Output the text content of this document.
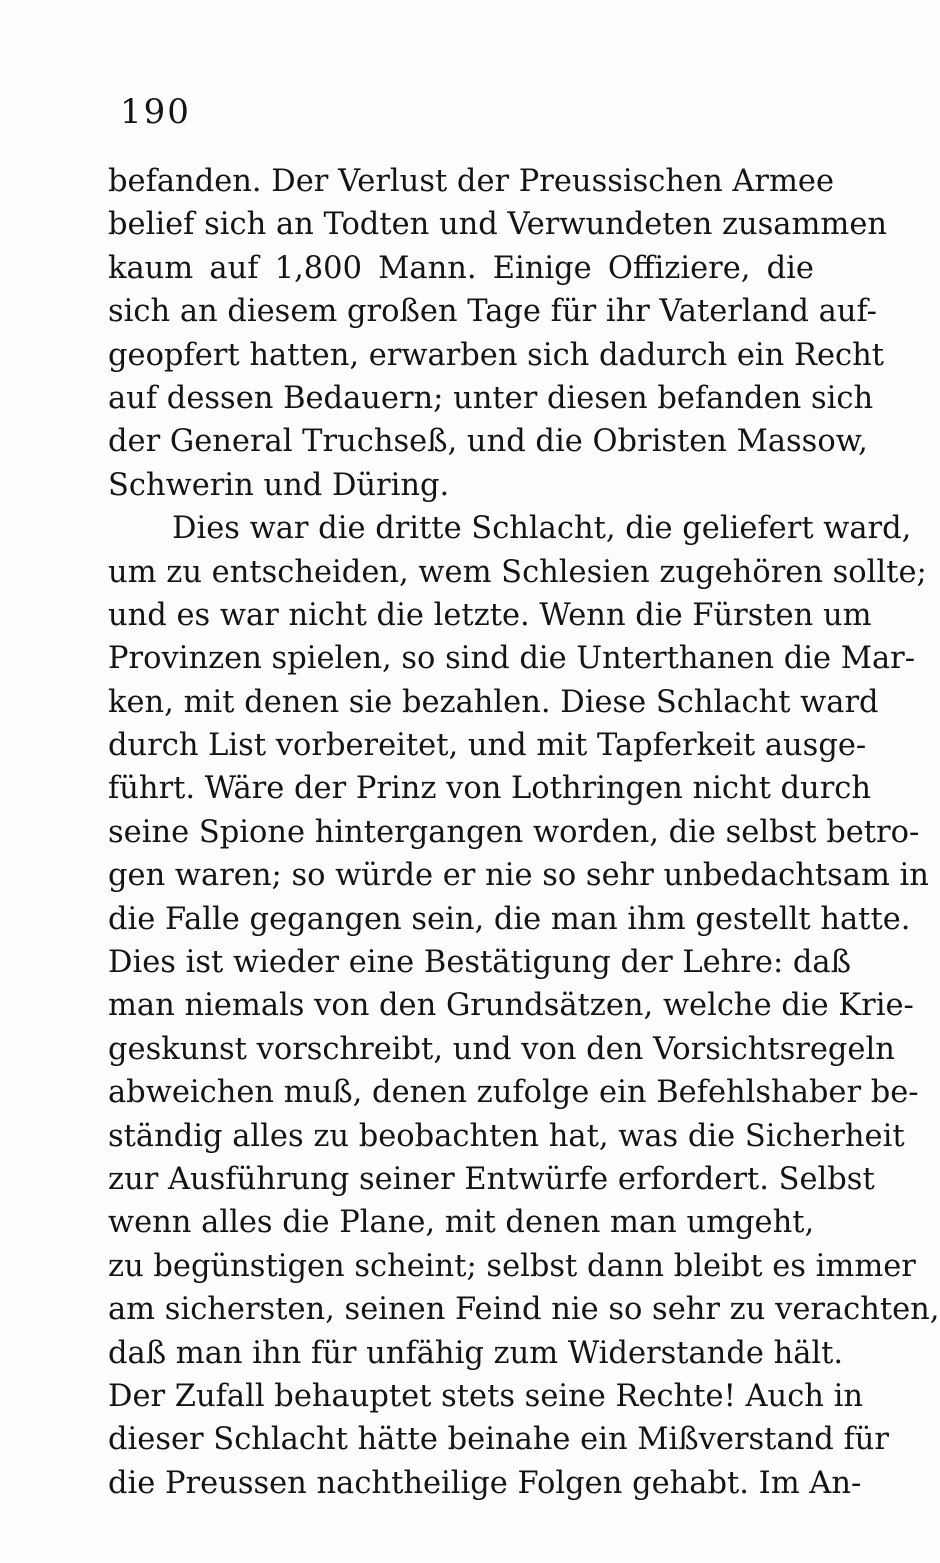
190
befanden. Der Verlust der Preussischen Armee
belief sich an Todten und Verwundeten zusammen
kaum auf 1,800 Mann. Einige Offiziere, die
sich an diesem großen Tage für ihr Vaterland auf-
geopfert hatten, erwarben sich dadurch ein Recht
auf dessen Bedauern; unter diesen befanden sich
der General Truchseß, und die Obristen Massow,
Schwerin und Düring.
Dies war die dritte Schlacht, die geliefert ward,
um zu entscheiden, wem Schlesien zugehören sollte;
und es war nicht die letzte. Wenn die Fürsten um
Provinzen spielen, so sind die Unterthanen die Mar-
ken, mit denen sie bezahlen. Diese Schlacht ward
durch List vorbereitet, und mit Tapferkeit ausge-
führt. Wäre der Prinz von Lothringen nicht durch
seine Spione hintergangen worden, die selbst betro-
gen waren; so würde er nie so sehr unbedachtsam in
die Falle gegangen sein, die man ihm gestellt hatte.
Dies ist wieder eine Bestätigung der Lehre: daß
man niemals von den Grundsätzen, welche die Krie-
geskunst vorschreibt, und von den Vorsichtsregeln
abweichen muß, denen zufolge ein Befehlshaber be-
ständig alles zu beobachten hat, was die Sicherheit
zur Ausführung seiner Entwürfe erfordert. Selbst
wenn alles die Plane, mit denen man umgeht,
zu begünstigen scheint; selbst dann bleibt es immer
am sichersten, seinen Feind nie so sehr zu verachten,
daß man ihn für unfähig zum Widerstande hält.
Der Zufall behauptet stets seine Rechte! Auch in
dieser Schlacht hätte beinahe ein Mißverstand für
die Preussen nachtheilige Folgen gehabt. Im An-
